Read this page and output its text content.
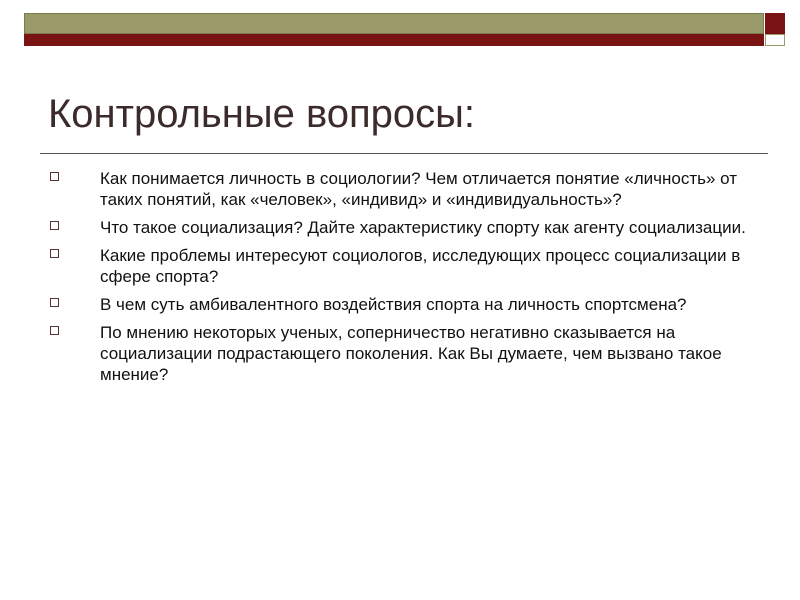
Контрольные вопросы:
Как понимается личность в социологии? Чем отличается понятие «личность» от таких понятий, как «человек», «индивид» и «индивидуальность»?
Что такое социализация? Дайте характеристику спорту как агенту социализации.
Какие проблемы интересуют социологов, исследующих процесс социализации в сфере спорта?
В чем суть амбивалентного воздействия спорта на личность спортсмена?
По мнению некоторых ученых, соперничество негативно сказывается на социализации подрастающего поколения. Как Вы думаете, чем вызвано такое мнение?
